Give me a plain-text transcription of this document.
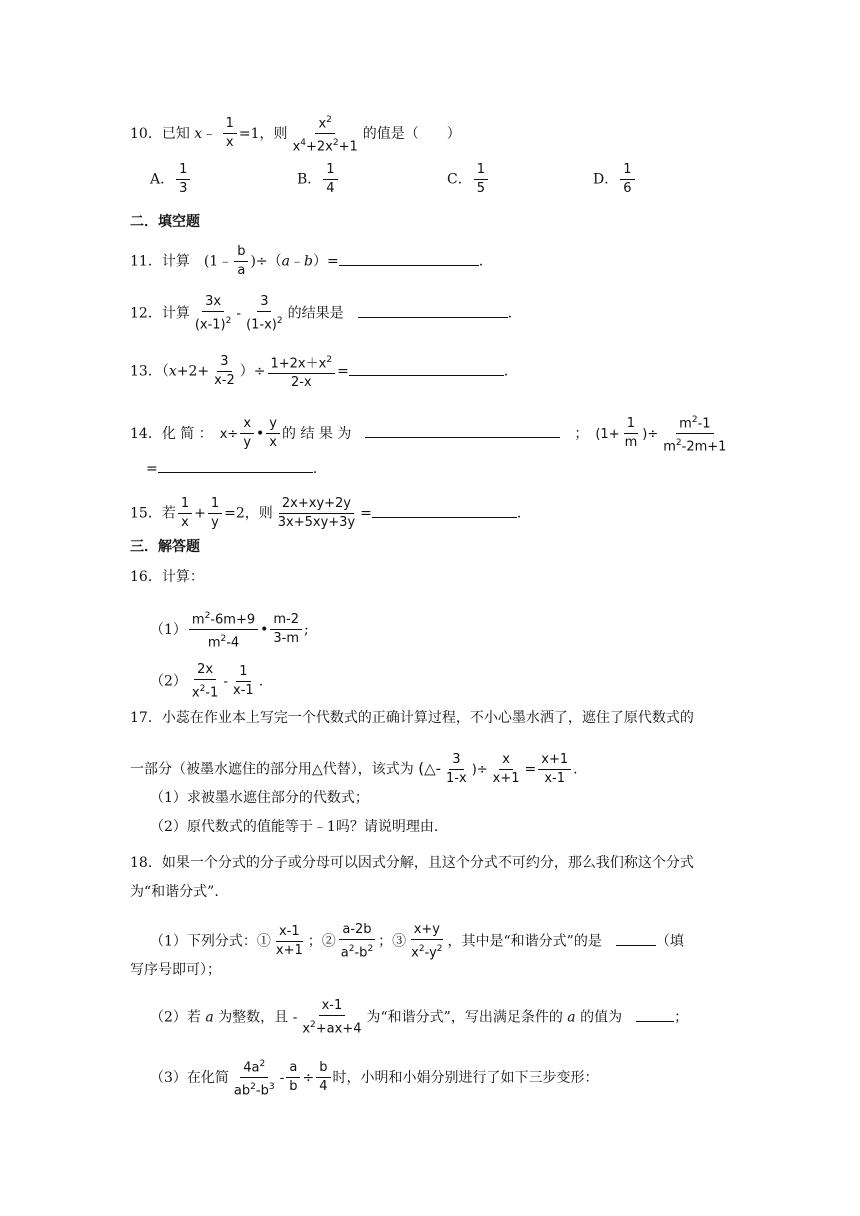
10．已知 x﹣ $\frac{1}{x} =1$，则 $\frac{x^2}{x^4+2x^2+1}$ 的值是（　　）
A． $\frac{1}{3}$	B． $\frac{1}{4}$	C． $\frac{1}{5}$	D． $\frac{1}{6}$
二．填空题
11．计算　(1﹣ $\frac{b}{a}$ )÷（a﹣b）=	.
12．计算 $\frac{3x}{(x-1)^2} - \frac{3}{(1-x)^2}$ 的结果是　	.
13．（$x+2+ \frac{3}{x-2}$ ）÷ $\frac{1+2x+x^2}{2-x}$ =	.
14．化 简 ：　 $x\div \frac{x}{y}$ • $\frac{y}{x}$ 的 结 果 为　　	；　 ($1+ \frac{1}{m}$ )÷ $\frac{m^2-1}{m^2-2m+1}$
=	.
15．若 $\frac{1}{x} + \frac{1}{y} =2$，则 $\frac{2x+xy+2y}{3x+5xy+3y}$ =	.
三．解答题
16．计算：
$(1) \frac{m^2-6m+9}{m^2-4}$ • $\frac{m-2}{3-m}$ ;
$(2) \frac{2x}{x^2-1} - \frac{1}{x-1}$ .
17．小蕊在作业本上写完一个代数式的正确计算过程，不小心墨水洒了，遮住了原代数式的
一部分（被墨水遮住的部分用△代替），该式为 (△- $\frac{3}{1-x}$ )÷ $\frac{x}{x+1} = \frac{x+1}{x-1}$ .
（1）求被墨水遮住部分的代数式；
（2）原代数式的值能等于﹣1吗？请说明理由.
18．如果一个分式的分子或分母可以因式分解，且这个分式不可约分，那么我们称这个分式
为“和谐分式”.
（1）下列分式：① $\frac{x-1}{x+1}$ ；② $\frac{a-2b}{a^2-b^2}$ ；③ $\frac{x+y}{x^2-y^2}$ ，其中是“和谐分式”的是　	（填
写序号即可）；
（2）若 a 为整数，且 - $\frac{x-1}{x^2+ax+4}$ 为“和谐分式”，写出满足条件的 a 的值为　	；
（3）在化简 $\frac{4a^2}{ab^2-b^3} - \frac{a}{b} \div \frac{b}{4}$ 时，小明和小娟分别进行了如下三步变形：
